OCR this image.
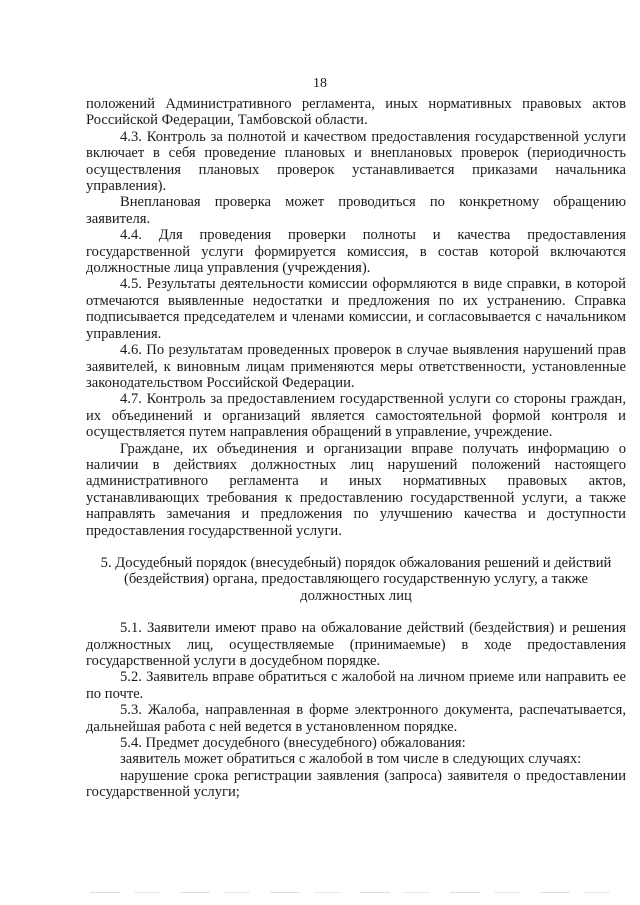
18

положений Административного регламента, иных нормативных правовых актов Российской Федерации, Тамбовской области.

4.3. Контроль за полнотой и качеством предоставления государственной услуги включает в себя проведение плановых и внеплановых проверок (периодичность осуществления плановых проверок устанавливается приказами начальника управления).

Внеплановая проверка может проводиться по конкретному обращению заявителя.

4.4. Для проведения проверки полноты и качества предоставления государственной услуги формируется комиссия, в состав которой включаются должностные лица управления (учреждения).

4.5. Результаты деятельности комиссии оформляются в виде справки, в которой отмечаются выявленные недостатки и предложения по их устранению. Справка подписывается председателем и членами комиссии, и согласовывается с начальником управления.

4.6. По результатам проведенных проверок в случае выявления нарушений прав заявителей, к виновным лицам применяются меры ответственности, установленные законодательством Российской Федерации.

4.7. Контроль за предоставлением государственной услуги со стороны граждан, их объединений и организаций является самостоятельной формой контроля и осуществляется путем направления обращений в управление, учреждение.

Граждане, их объединения и организации вправе получать информацию о наличии в действиях должностных лиц нарушений положений настоящего административного регламента и иных нормативных правовых актов, устанавливающих требования к предоставлению государственной услуги, а также направлять замечания и предложения по улучшению качества и доступности предоставления государственной услуги.

5. Досудебный порядок (внесудебный) порядок обжалования решений и действий (бездействия) органа, предоставляющего государственную услугу, а также должностных лиц

5.1. Заявители имеют право на обжалование действий (бездействия) и решения должностных лиц, осуществляемые (принимаемые) в ходе предоставления государственной услуги в досудебном порядке.

5.2. Заявитель вправе обратиться с жалобой на личном приеме или направить ее по почте.

5.3. Жалоба, направленная в форме электронного документа, распечатывается, дальнейшая работа с ней ведется в установленном порядке.

5.4. Предмет досудебного (внесудебного) обжалования:

заявитель может обратиться с жалобой в том числе в следующих случаях:

нарушение срока регистрации заявления (запроса) заявителя о предоставлении государственной услуги;
